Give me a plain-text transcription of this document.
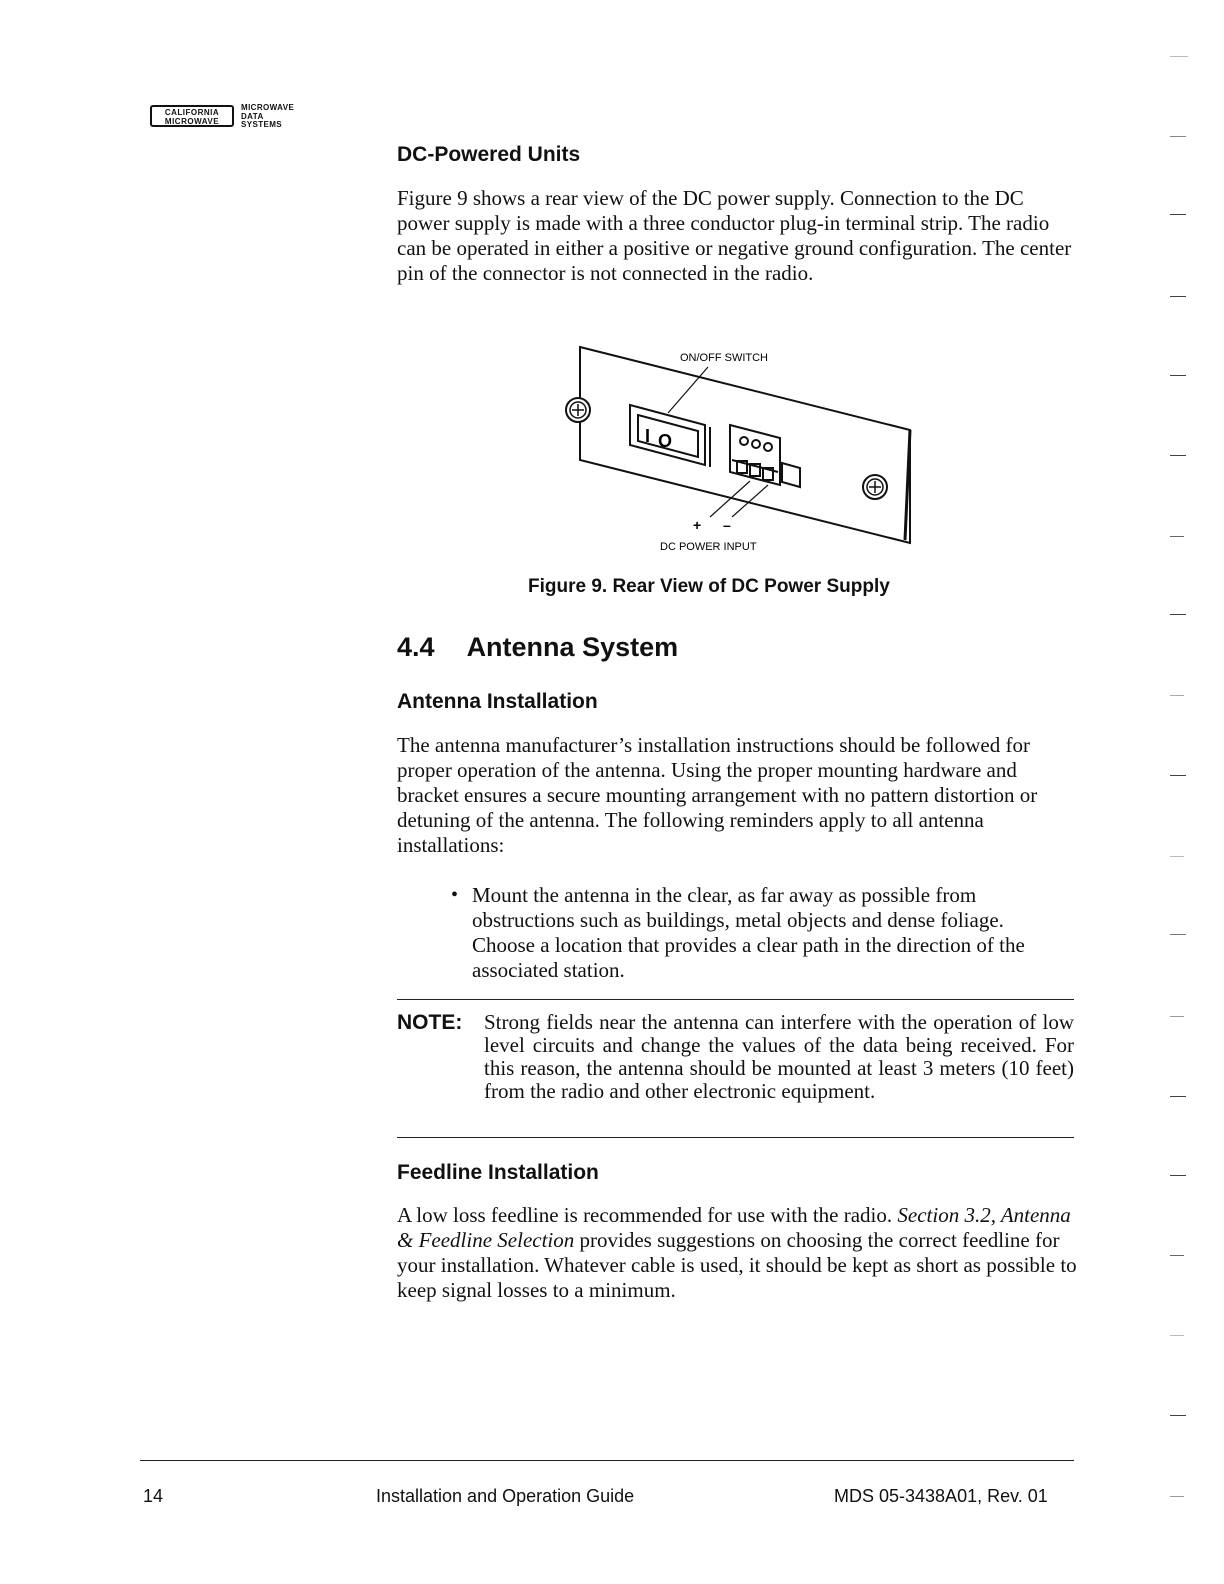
CALIFORNIA
MICROWAVE
MICROWAVE
DATA
SYSTEMS
DC-Powered Units

Figure 9 shows a rear view of the DC power supply. Connection to the DC power supply is made with a three conductor plug-in terminal strip. The radio can be operated in either a positive or negative ground configuration. The center pin of the connector is not connected in the radio.

I O
ON/OFF SWITCH
+ –
DC POWER INPUT
Figure 9. Rear View of DC Power Supply
4.4 Antenna System
Antenna Installation

The antenna manufacturer’s installation instructions should be followed for proper operation of the antenna. Using the proper mounting hardware and bracket ensures a secure mounting arrangement with no pattern distortion or detuning of the antenna. The following reminders apply to all antenna installations:

• Mount the antenna in the clear, as far away as possible from obstructions such as buildings, metal objects and dense foliage. Choose a location that provides a clear path in the direction of the associated station.

NOTE: Strong fields near the antenna can interfere with the operation of low level circuits and change the values of the data being received. For this reason, the antenna should be mounted at least 3 meters (10 feet) from the radio and other electronic equipment.

Feedline Installation

A low loss feedline is recommended for use with the radio. Section 3.2, Antenna & Feedline Selection provides suggestions on choosing the correct feedline for your installation. Whatever cable is used, it should be kept as short as possible to keep signal losses to a minimum.

14	Installation and Operation Guide	MDS 05-3438A01, Rev. 01
